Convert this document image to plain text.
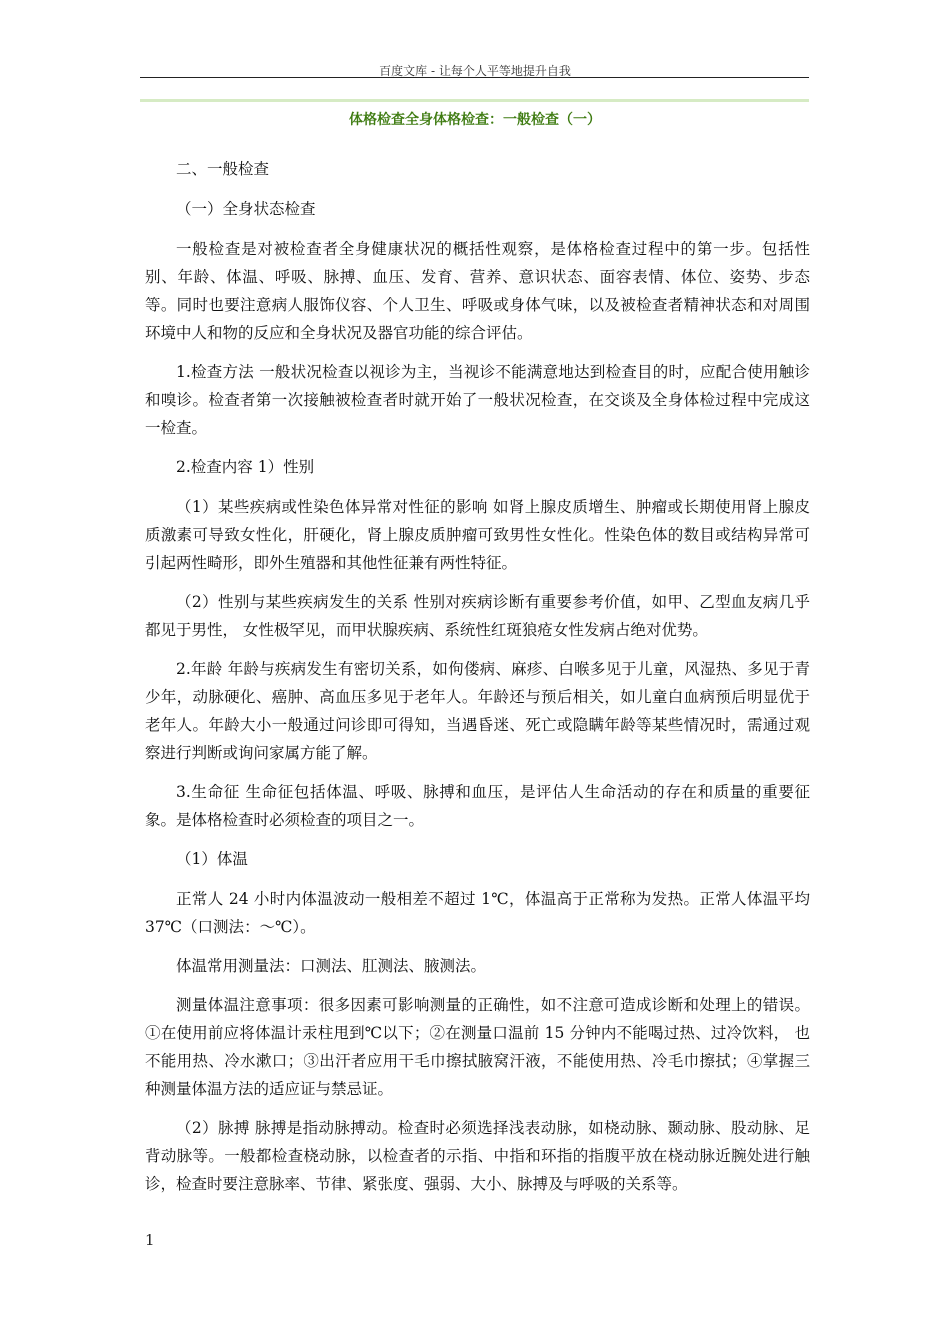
百度文库 - 让每个人平等地提升自我
体格检查全身体格检查：一般检查（一）

二、一般检查

（一）全身状态检查

一般检查是对被检查者全身健康状况的概括性观察，是体格检查过程中的第一步。包括性别、年龄、体温、呼吸、脉搏、血压、发育、营养、意识状态、面容表情、体位、姿势、步态等。同时也要注意病人服饰仪容、个人卫生、呼吸或身体气味，以及被检查者精神状态和对周围环境中人和物的反应和全身状况及器官功能的综合评估。

1.检查方法 一般状况检查以视诊为主，当视诊不能满意地达到检查目的时，应配合使用触诊和嗅诊。检查者第一次接触被检查者时就开始了一般状况检查，在交谈及全身体检过程中完成这一检查。

2.检查内容 1）性别

（1）某些疾病或性染色体异常对性征的影响 如肾上腺皮质增生、肿瘤或长期使用肾上腺皮质激素可导致女性化，肝硬化，肾上腺皮质肿瘤可致男性女性化。性染色体的数目或结构异常可引起两性畸形，即外生殖器和其他性征兼有两性特征。

（2）性别与某些疾病发生的关系 性别对疾病诊断有重要参考价值，如甲、乙型血友病几乎都见于男性， 女性极罕见，而甲状腺疾病、系统性红斑狼疮女性发病占绝对优势。

2.年龄 年龄与疾病发生有密切关系，如佝偻病、麻疹、白喉多见于儿童，风湿热、多见于青少年，动脉硬化、癌肿、高血压多见于老年人。年龄还与预后相关，如儿童白血病预后明显优于老年人。年龄大小一般通过问诊即可得知，当遇昏迷、死亡或隐瞒年龄等某些情况时，需通过观察进行判断或询问家属方能了解。

3.生命征 生命征包括体温、呼吸、脉搏和血压，是评估人生命活动的存在和质量的重要征象。是体格检查时必须检查的项目之一。

（1）体温

正常人 24 小时内体温波动一般相差不超过 1℃，体温高于正常称为发热。正常人体温平均 37℃（口测法：～℃）。

体温常用测量法：口测法、肛测法、腋测法。

测量体温注意事项：很多因素可影响测量的正确性，如不注意可造成诊断和处理上的错误。①在使用前应将体温计汞柱甩到℃以下；②在测量口温前 15 分钟内不能喝过热、过冷饮料， 也不能用热、冷水漱口；③出汗者应用干毛巾擦拭腋窝汗液，不能使用热、冷毛巾擦拭；④掌握三种测量体温方法的适应证与禁忌证。

（2）脉搏 脉搏是指动脉搏动。检查时必须选择浅表动脉，如桡动脉、颞动脉、股动脉、足背动脉等。一般都检查桡动脉，以检查者的示指、中指和环指的指腹平放在桡动脉近腕处进行触诊，检查时要注意脉率、节律、紧张度、强弱、大小、脉搏及与呼吸的关系等。

1
